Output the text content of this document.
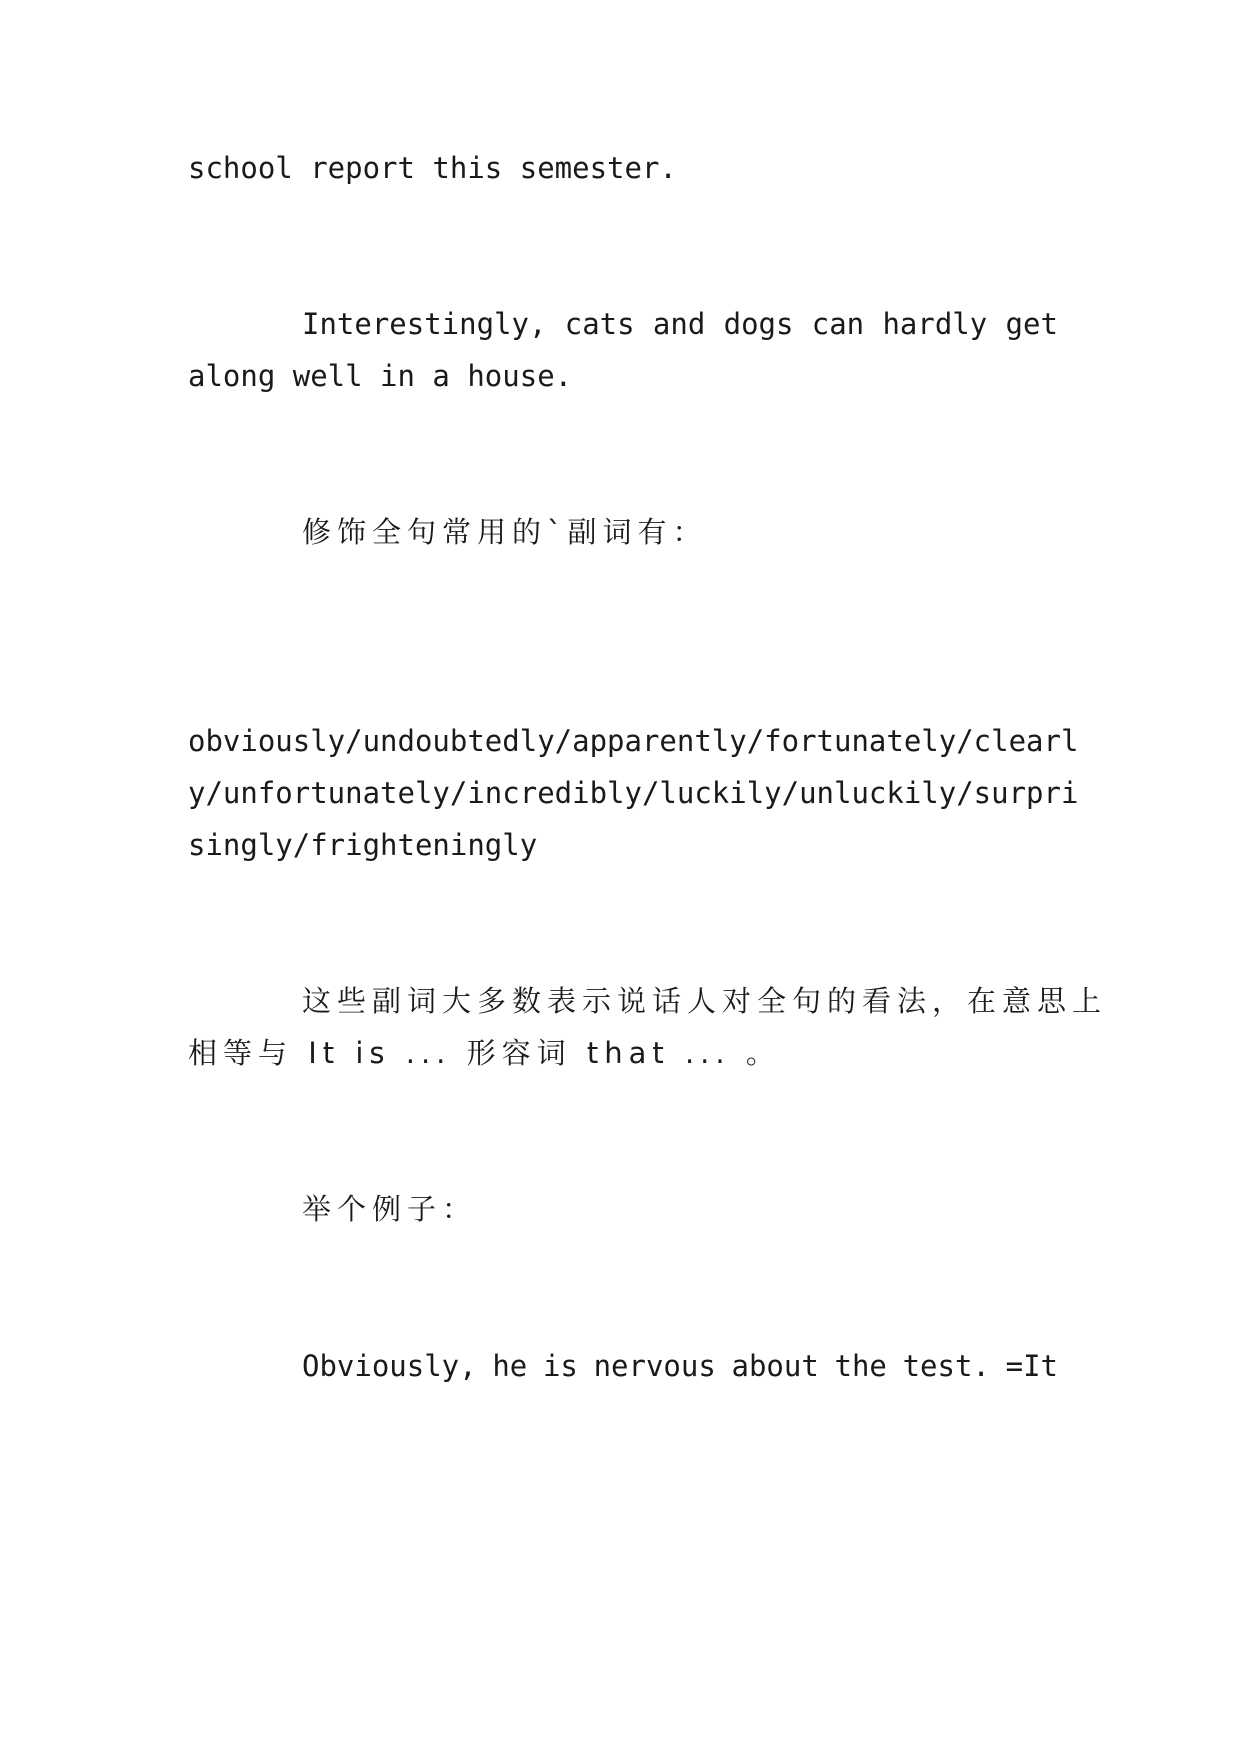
school report this semester.
Interestingly, cats and dogs can hardly get
along well in a house.
修饰全句常用的`副词有：
obviously/undoubtedly/apparently/fortunately/clearl
y/unfortunately/incredibly/luckily/unluckily/surpri
singly/frighteningly
这些副词大多数表示说话人对全句的看法，在意思上
相等与 It is ... 形容词 that ... 。
举个例子：
Obviously, he is nervous about the test. =It
